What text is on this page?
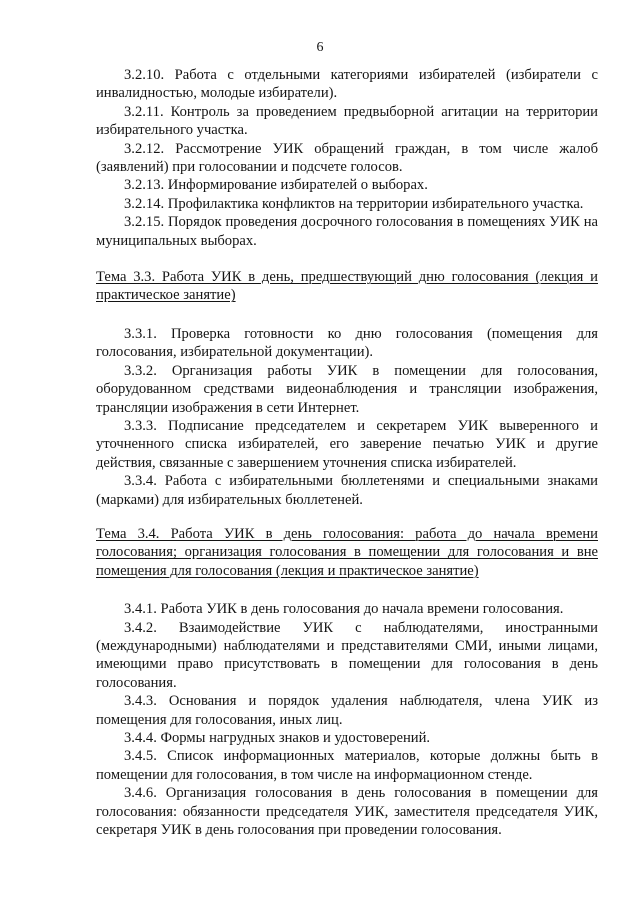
6

3.2.10. Работа с отдельными категориями избирателей (избиратели с инвалидностью, молодые избиратели).

3.2.11. Контроль за проведением предвыборной агитации на территории избирательного участка.

3.2.12. Рассмотрение УИК обращений граждан, в том числе жалоб (заявлений) при голосовании и подсчете голосов.

3.2.13. Информирование избирателей о выборах.

3.2.14. Профилактика конфликтов на территории избирательного участка.

3.2.15. Порядок проведения досрочного голосования в помещениях УИК на муниципальных выборах.

Тема 3.3. Работа УИК в день, предшествующий дню голосования (лекция и практическое занятие)

3.3.1. Проверка готовности ко дню голосования (помещения для голосования, избирательной документации).

3.3.2. Организация работы УИК в помещении для голосования, оборудованном средствами видеонаблюдения и трансляции изображения, трансляции изображения в сети Интернет.

3.3.3. Подписание председателем и секретарем УИК выверенного и уточненного списка избирателей, его заверение печатью УИК и другие действия, связанные с завершением уточнения списка избирателей.

3.3.4. Работа с избирательными бюллетенями и специальными знаками (марками) для избирательных бюллетеней.

Тема 3.4. Работа УИК в день голосования: работа до начала времени голосования; организация голосования в помещении для голосования и вне помещения для голосования (лекция и практическое занятие)

3.4.1. Работа УИК в день голосования до начала времени голосования.

3.4.2. Взаимодействие УИК с наблюдателями, иностранными (международными) наблюдателями и представителями СМИ, иными лицами, имеющими право присутствовать в помещении для голосования в день голосования.

3.4.3. Основания и порядок удаления наблюдателя, члена УИК из помещения для голосования, иных лиц.

3.4.4. Формы нагрудных знаков и удостоверений.

3.4.5. Список информационных материалов, которые должны быть в помещении для голосования, в том числе на информационном стенде.

3.4.6. Организация голосования в день голосования в помещении для голосования: обязанности председателя УИК, заместителя председателя УИК, секретаря УИК в день голосования при проведении голосования.
